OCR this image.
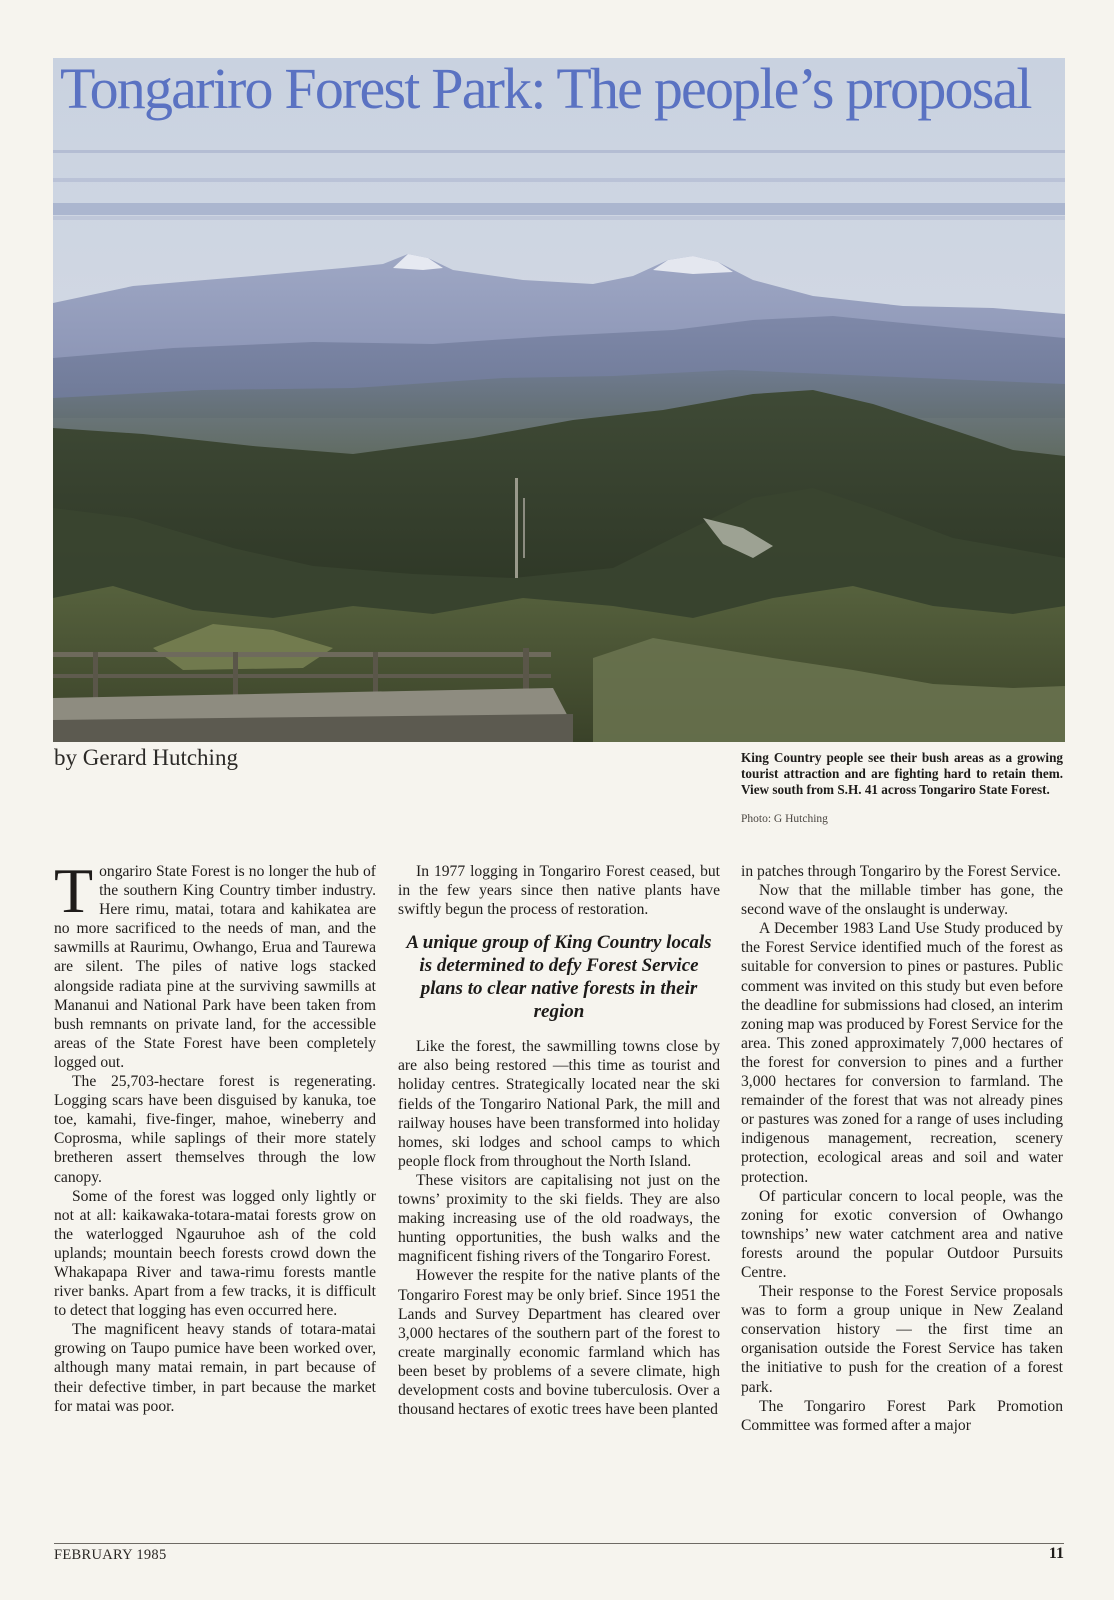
Tongariro Forest Park: The people’s proposal
by Gerard Hutching	King Country people see their bush areas as a growing tourist attraction and are fighting hard to retain them. View south from S.H. 41 across Tongariro State Forest.
Photo: G Hutching

Tongariro State Forest is no longer the hub of the southern King Country timber industry. Here rimu, matai, totara and kahikatea are no more sacrificed to the needs of man, and the sawmills at Raurimu, Owhango, Erua and Taurewa are silent. The piles of native logs stacked alongside radiata pine at the surviving sawmills at Mananui and National Park have been taken from bush remnants on private land, for the accessible areas of the State Forest have been completely logged out.

The 25,703-hectare forest is regenerating. Logging scars have been disguised by kanuka, toe toe, kamahi, five-finger, mahoe, wineberry and Coprosma, while saplings of their more stately bretheren assert themselves through the low canopy.

Some of the forest was logged only lightly or not at all: kaikawaka-totara-matai forests grow on the waterlogged Ngauruhoe ash of the cold uplands; mountain beech forests crowd down the Whakapapa River and tawa-rimu forests mantle river banks. Apart from a few tracks, it is difficult to detect that logging has even occurred here.

The magnificent heavy stands of totara-matai growing on Taupo pumice have been worked over, although many matai remain, in part because of their defective timber, in part because the market for matai was poor.

In 1977 logging in Tongariro Forest ceased, but in the few years since then native plants have swiftly begun the process of restoration.

A unique group of King Country locals is determined to defy Forest Service plans to clear native forests in their region

Like the forest, the sawmilling towns close by are also being restored —this time as tourist and holiday centres. Strategically located near the ski fields of the Tongariro National Park, the mill and railway houses have been transformed into holiday homes, ski lodges and school camps to which people flock from throughout the North Island.

These visitors are capitalising not just on the towns’ proximity to the ski fields. They are also making increasing use of the old roadways, the hunting opportunities, the bush walks and the magnificent fishing rivers of the Tongariro Forest.

However the respite for the native plants of the Tongariro Forest may be only brief. Since 1951 the Lands and Survey Department has cleared over 3,000 hectares of the southern part of the forest to create marginally economic farmland which has been beset by problems of a severe climate, high development costs and bovine tuberculosis. Over a thousand hectares of exotic trees have been planted

in patches through Tongariro by the Forest Service.

Now that the millable timber has gone, the second wave of the onslaught is underway.

A December 1983 Land Use Study produced by the Forest Service identified much of the forest as suitable for conversion to pines or pastures. Public comment was invited on this study but even before the deadline for submissions had closed, an interim zoning map was produced by Forest Service for the area. This zoned approximately 7,000 hectares of the forest for conversion to pines and a further 3,000 hectares for conversion to farmland. The remainder of the forest that was not already pines or pastures was zoned for a range of uses including indigenous management, recreation, scenery protection, ecological areas and soil and water protection.

Of particular concern to local people, was the zoning for exotic conversion of Owhango townships’ new water catchment area and native forests around the popular Outdoor Pursuits Centre.

Their response to the Forest Service proposals was to form a group unique in New Zealand conservation history — the first time an organisation outside the Forest Service has taken the initiative to push for the creation of a forest park.

The Tongariro Forest Park Promotion Committee was formed after a major

FEBRUARY 1985	11
